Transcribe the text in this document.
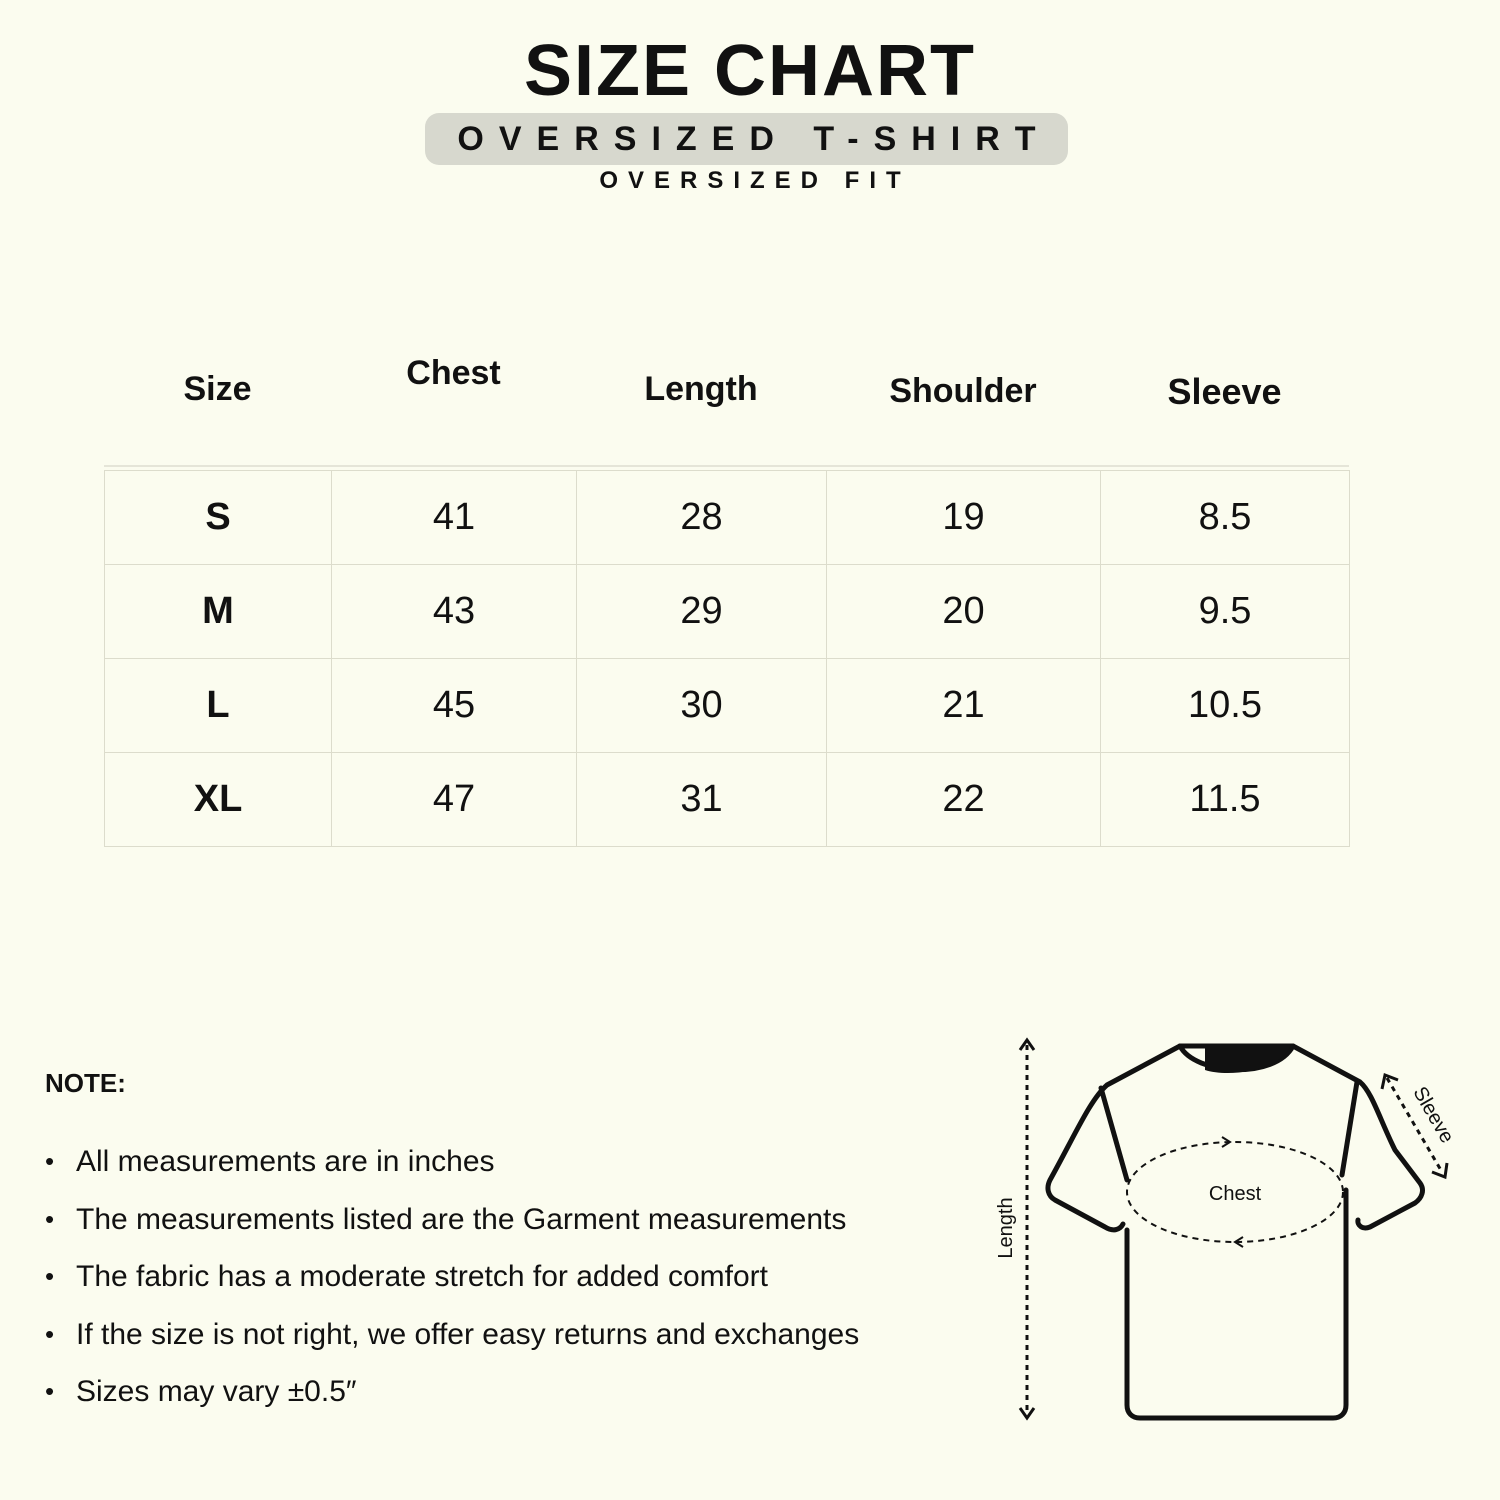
SIZE CHART
OVERSIZED T-SHIRT
OVERSIZED FIT
Size	Chest	Length	Shoulder	Sleeve
S	41	28	19	8.5
M	43	29	20	9.5
L	45	30	21	10.5
XL	47	31	22	11.5
NOTE:
• All measurements are in inches
• The measurements listed are the Garment measurements
• The fabric has a moderate stretch for added comfort
• If the size is not right, we offer easy returns and exchanges
• Sizes may vary ±0.5″
Length
Chest
Sleeve
